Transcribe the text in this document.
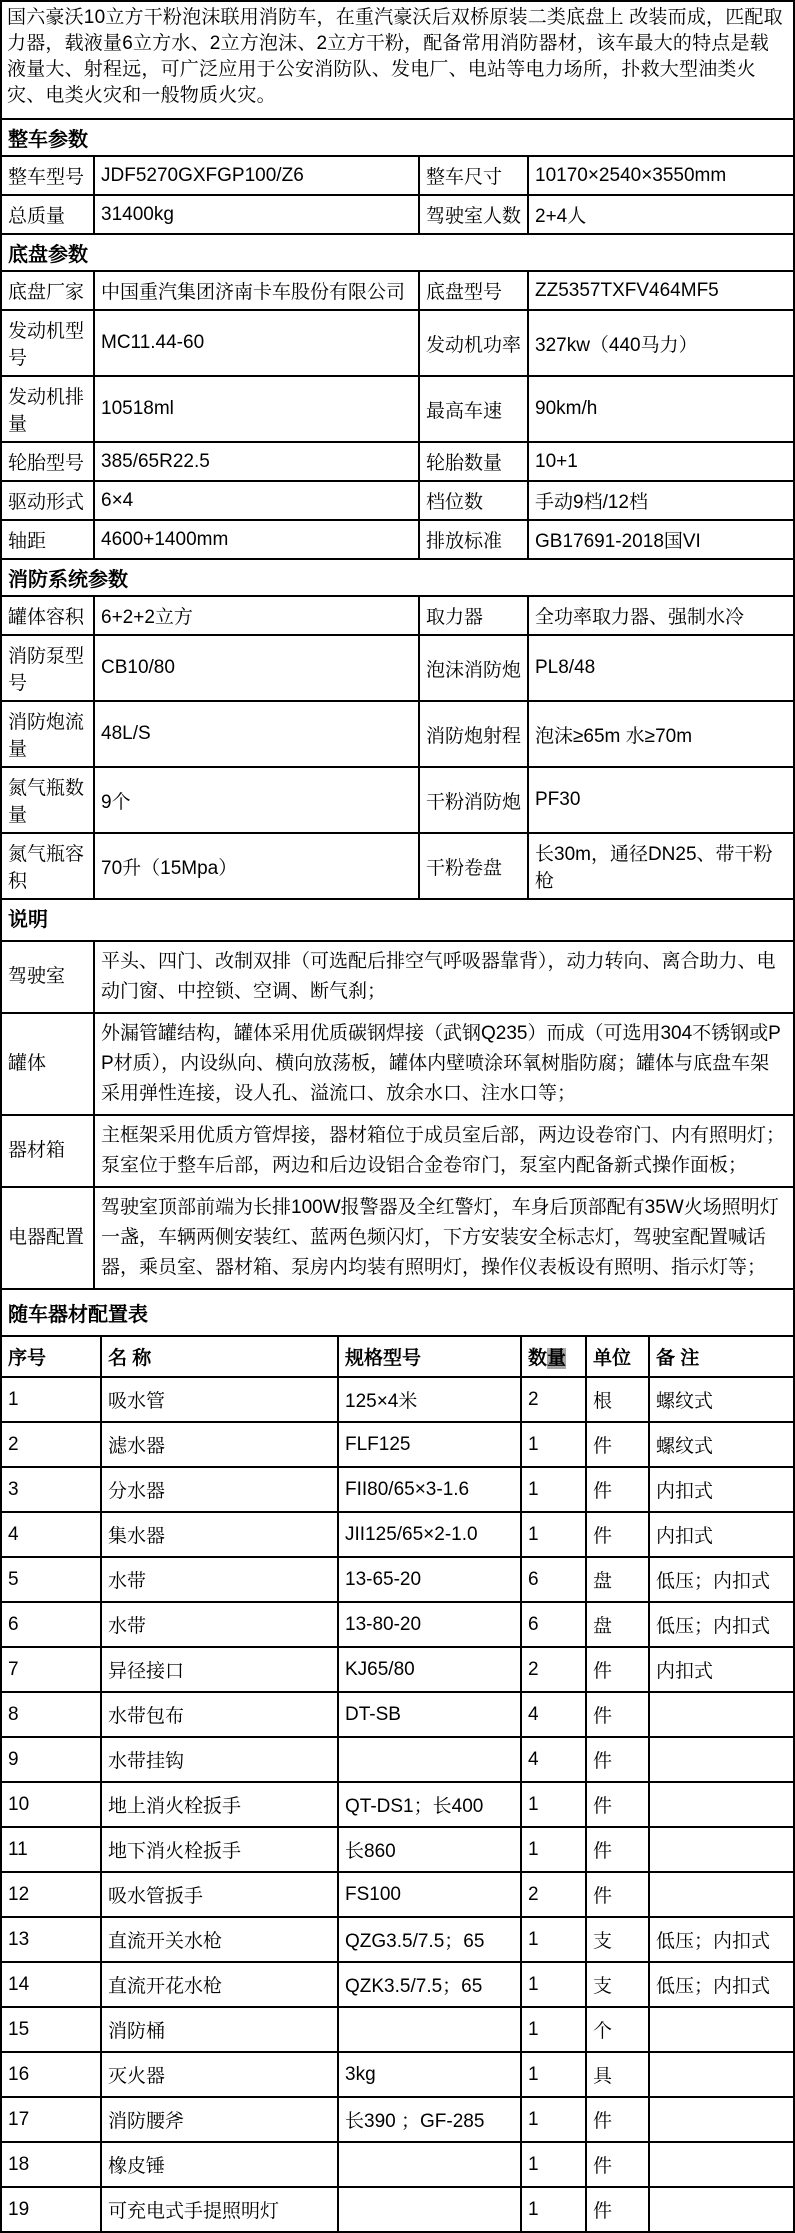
国六豪沃10立方干粉泡沫联用消防车，在重汽豪沃后双桥原装二类底盘上 改装而成，匹配取力器，载液量6立方水、2立方泡沫、2立方干粉，配备常用消防器材，该车最大的特点是载液量大、射程远，可广泛应用于公安消防队、发电厂、电站等电力场所，扑救大型油类火灾、电类火灾和一般物质火灾。
整车参数			
整车型号	JDF5270GXFGP100/Z6	整车尺寸	10170×2540×3550mm
总质量	31400kg	驾驶室人数	2+4人
底盘参数			
底盘厂家	中国重汽集团济南卡车股份有限公司	底盘型号	ZZ5357TXFV464MF5
发动机型号	MC11.44-60	发动机功率	327kw（440马力）
发动机排量	10518ml	最高车速	90km/h
轮胎型号	385/65R22.5	轮胎数量	10+1
驱动形式	6×4	档位数	手动9档/12档
轴距	4600+1400mm	排放标准	GB17691-2018国VI
消防系统参数			
罐体容积	6+2+2立方	取力器	全功率取力器、强制水冷
消防泵型号	CB10/80	泡沫消防炮	PL8/48
消防炮流量	48L/S	消防炮射程	泡沫≥65m 水≥70m
氮气瓶数量	9个	干粉消防炮	PF30
氮气瓶容积	70升（15Mpa）	干粉卷盘	长30m，通径DN25、带干粉枪
说明	
驾驶室	平头、四门、改制双排（可选配后排空气呼吸器靠背），动力转向、离合助力、电动门窗、中控锁、空调、断气刹；
罐体	外漏管罐结构，罐体采用优质碳钢焊接（武钢Q235）而成（可选用304不锈钢或PP材质），内设纵向、横向放荡板，罐体内壁喷涂环氧树脂防腐；罐体与底盘车架采用弹性连接，设人孔、溢流口、放余水口、注水口等；
器材箱	主框架采用优质方管焊接，器材箱位于成员室后部，两边设卷帘门、内有照明灯；泵室位于整车后部，两边和后边设铝合金卷帘门，泵室内配备新式操作面板；
电器配置	驾驶室顶部前端为长排100W报警器及全红警灯，车身后顶部配有35W火场照明灯一盏，车辆两侧安装红、蓝两色频闪灯，下方安装安全标志灯，驾驶室配置喊话器，乘员室、器材箱、泵房内均装有照明灯，操作仪表板设有照明、指示灯等；
随车器材配置表					
序号	名 称	规格型号	数量	单位	备 注
1	吸水管	125×4米	2	根	螺纹式
2	滤水器	FLF125	1	件	螺纹式
3	分水器	FII80/65×3-1.6	1	件	内扣式
4	集水器	JII125/65×2-1.0	1	件	内扣式
5	水带	13-65-20	6	盘	低压；内扣式
6	水带	13-80-20	6	盘	低压；内扣式
7	异径接口	KJ65/80	2	件	内扣式
8	水带包布	DT-SB	4	件	
9	水带挂钩		4	件	
10	地上消火栓扳手	QT-DS1；长400	1	件	
11	地下消火栓扳手	长860	1	件	
12	吸水管扳手	FS100	2	件	
13	直流开关水枪	QZG3.5/7.5；65	1	支	低压；内扣式
14	直流开花水枪	QZK3.5/7.5；65	1	支	低压；内扣式
15	消防桶		1	个	
16	灭火器	3kg	1	具	
17	消防腰斧	长390 ；GF-285	1	件	
18	橡皮锤		1	件	
19	可充电式手提照明灯		1	件	
